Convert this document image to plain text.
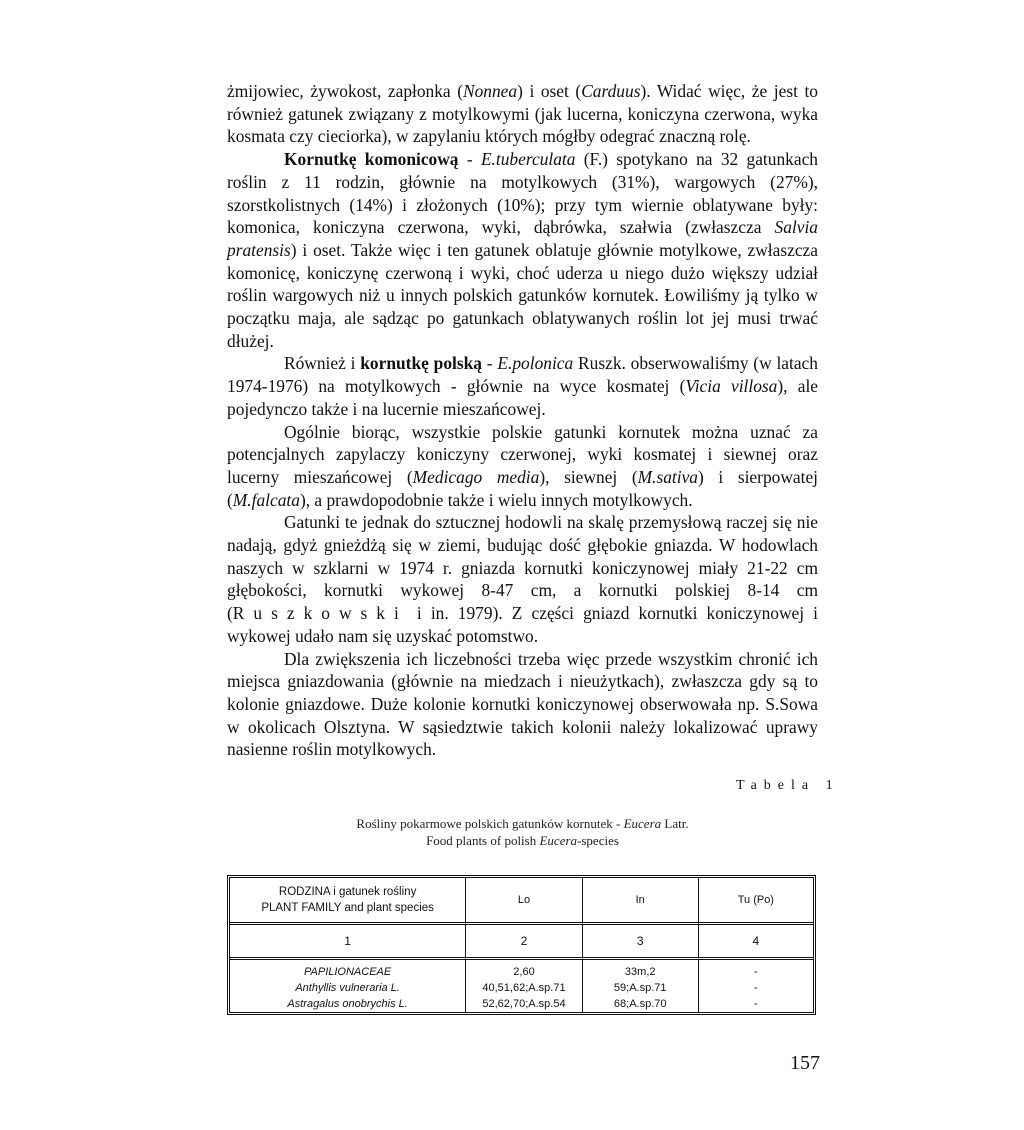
żmijowiec, żywokost, zapłonka (Nonnea) i oset (Carduus). Widać więc, że jest to również gatunek związany z motylkowymi (jak lucerna, koniczyna czerwona, wyka kosmata czy cieciorka), w zapylaniu których mógłby odegrać znaczną rolę.

Kornutkę komonicową - E.tuberculata (F.) spotykano na 32 gatunkach roślin z 11 rodzin, głównie na motylkowych (31%), wargowych (27%), szorstkolistnych (14%) i złożonych (10%); przy tym wiernie oblatywane były: komonica, koniczyna czerwona, wyki, dąbrówka, szałwia (zwłaszcza Salvia pratensis) i oset. Także więc i ten gatunek oblatuje głównie motylkowe, zwłaszcza komonicę, koniczynę czerwoną i wyki, choć uderza u niego dużo większy udział roślin wargowych niż u innych polskich gatunków kornutek. Łowiliśmy ją tylko w początku maja, ale sądząc po gatunkach oblatywanych roślin lot jej musi trwać dłużej.

Również i kornutkę polską - E.polonica Ruszk. obserwowaliśmy (w latach 1974-1976) na motylkowych - głównie na wyce kosmatej (Vicia villosa), ale pojedynczo także i na lucernie mieszańcowej.

Ogólnie biorąc, wszystkie polskie gatunki kornutek można uznać za potencjalnych zapylaczy koniczyny czerwonej, wyki kosmatej i siewnej oraz lucerny mieszańcowej (Medicago media), siewnej (M.sativa) i sierpowatej (M.falcata), a prawdopodobnie także i wielu innych motylkowych.

Gatunki te jednak do sztucznej hodowli na skalę przemysłową raczej się nie nadają, gdyż gnieżdżą się w ziemi, budując dość głębokie gniazda. W hodowlach naszych w szklarni w 1974 r. gniazda kornutki koniczynowej miały 21-22 cm głębokości, kornutki wykowej 8-47 cm, a kornutki polskiej 8-14 cm (Ruszkowski i in. 1979). Z części gniazd kornutki koniczynowej i wykowej udało nam się uzyskać potomstwo.

Dla zwiększenia ich liczebności trzeba więc przede wszystkim chronić ich miejsca gniazdowania (głównie na miedzach i nieużytkach), zwłaszcza gdy są to kolonie gniazdowe. Duże kolonie kornutki koniczynowej obserwowała np. S.Sowa w okolicach Olsztyna. W sąsiedztwie takich kolonii należy lokalizować uprawy nasienne roślin motylkowych.

Tabela 1
Rośliny pokarmowe polskich gatunków kornutek - Eucera Latr.
Food plants of polish Eucera-species
RODZINA i gatunek rośliny
PLANT FAMILY and plant species	Lo	In	Tu (Po)
1	2	3	4
PAPILIONACEAE	2,60	33m,2	-
Anthyllis vulneraria L.	40,51,62;A.sp.71	59;A.sp.71	-
Astragalus onobrychis L.	52,62,70;A.sp.54	68;A.sp.70	-
157
